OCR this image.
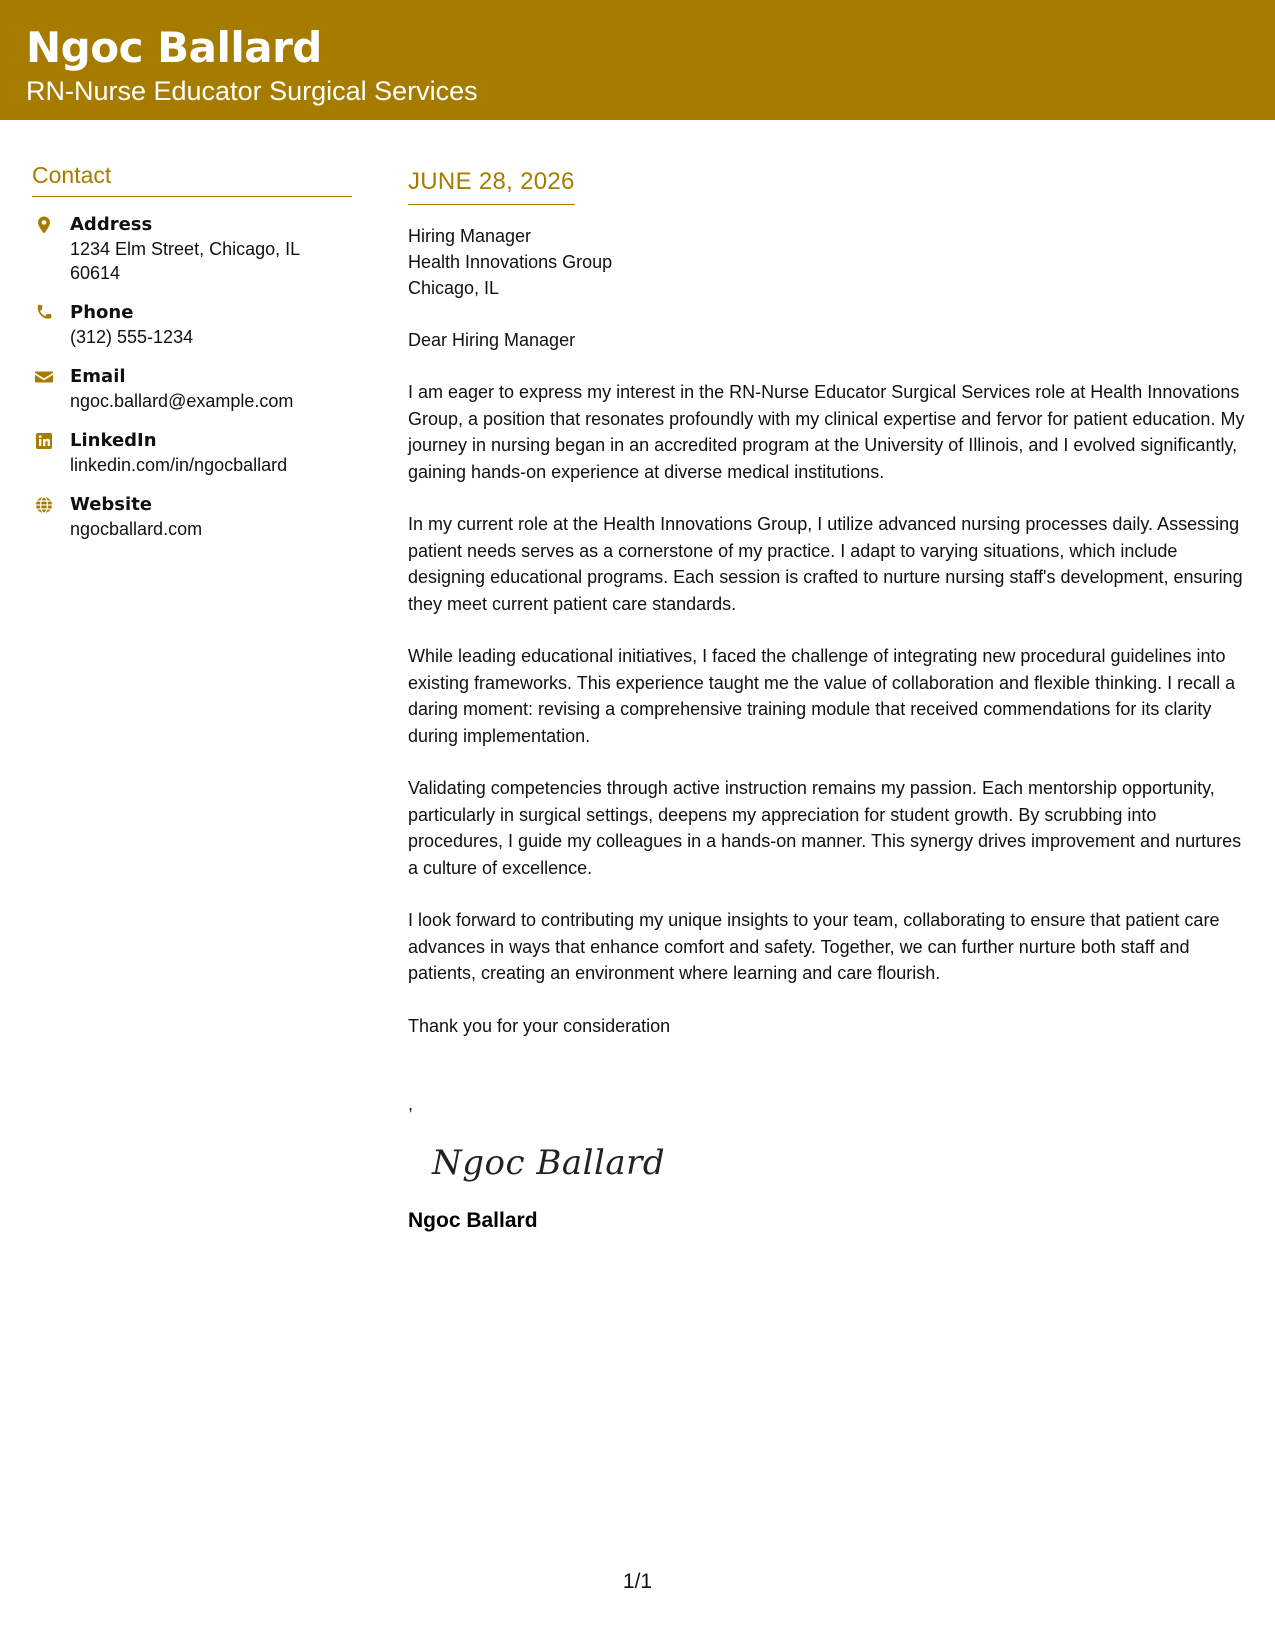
Ngoc Ballard
RN-Nurse Educator Surgical Services
Contact
Address
1234 Elm Street, Chicago, IL 60614
Phone
(312) 555-1234
Email
ngoc.ballard@example.com
LinkedIn
linkedin.com/in/ngocballard
Website
ngocballard.com
JUNE 28, 2026
Hiring Manager
Health Innovations Group
Chicago, IL
Dear Hiring Manager
I am eager to express my interest in the RN-Nurse Educator Surgical Services role at Health Innovations Group, a position that resonates profoundly with my clinical expertise and fervor for patient education. My journey in nursing began in an accredited program at the University of Illinois, and I evolved significantly, gaining hands-on experience at diverse medical institutions.
In my current role at the Health Innovations Group, I utilize advanced nursing processes daily. Assessing patient needs serves as a cornerstone of my practice. I adapt to varying situations, which include designing educational programs. Each session is crafted to nurture nursing staff's development, ensuring they meet current patient care standards.
While leading educational initiatives, I faced the challenge of integrating new procedural guidelines into existing frameworks. This experience taught me the value of collaboration and flexible thinking. I recall a daring moment: revising a comprehensive training module that received commendations for its clarity during implementation.
Validating competencies through active instruction remains my passion. Each mentorship opportunity, particularly in surgical settings, deepens my appreciation for student growth. By scrubbing into procedures, I guide my colleagues in a hands-on manner. This synergy drives improvement and nurtures a culture of excellence.
I look forward to contributing my unique insights to your team, collaborating to ensure that patient care advances in ways that enhance comfort and safety. Together, we can further nurture both staff and patients, creating an environment where learning and care flourish.
Thank you for your consideration
,
Ngoc Ballard
Ngoc Ballard
1/1
